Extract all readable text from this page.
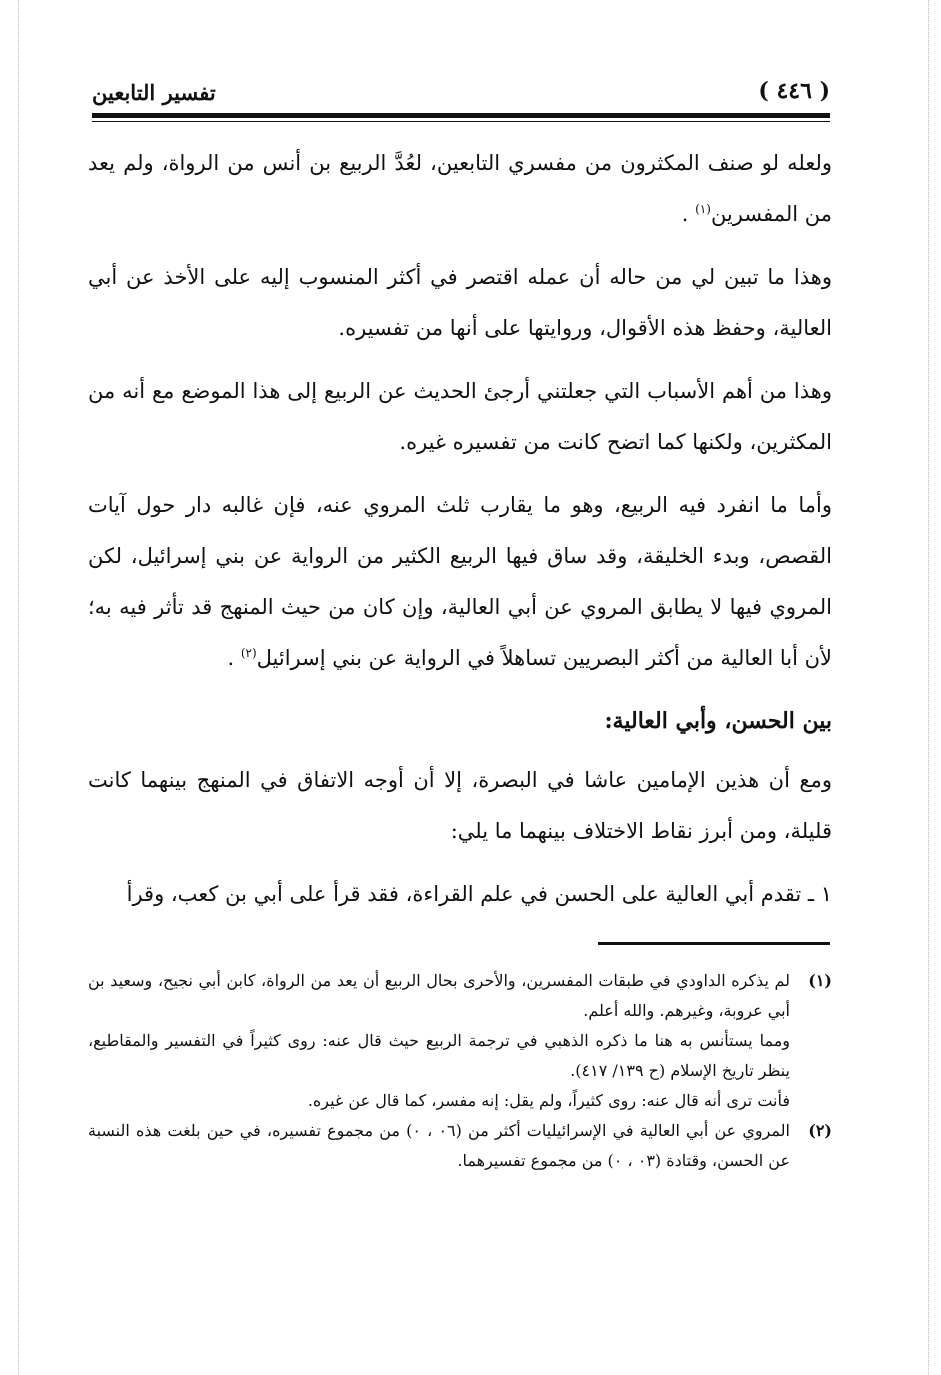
( ٤٤٦ )
تفسير التابعين

ولعله لو صنف المكثرون من مفسري التابعين، لعُدَّ الربيع بن أنس من الرواة، ولم يعد من المفسرين$^{(١)}$ .

وهذا ما تبين لي من حاله أن عمله اقتصر في أكثر المنسوب إليه على الأخذ عن أبي العالية، وحفظ هذه الأقوال، وروايتها على أنها من تفسيره.

وهذا من أهم الأسباب التي جعلتني أرجئ الحديث عن الربيع إلى هذا الموضع مع أنه من المكثرين، ولكنها كما اتضح كانت من تفسيره غيره.

وأما ما انفرد فيه الربيع، وهو ما يقارب ثلث المروي عنه، فإن غالبه دار حول آيات القصص، وبدء الخليقة، وقد ساق فيها الربيع الكثير من الرواية عن بني إسرائيل، لكن المروي فيها لا يطابق المروي عن أبي العالية، وإن كان من حيث المنهج قد تأثر فيه به؛ لأن أبا العالية من أكثر البصريين تساهلاً في الرواية عن بني إسرائيل$^{(٢)}$ .

بين الحسن، وأبي العالية:

ومع أن هذين الإمامين عاشا في البصرة، إلا أن أوجه الاتفاق في المنهج بينهما كانت قليلة، ومن أبرز نقاط الاختلاف بينهما ما يلي:

١ ـ تقدم أبي العالية على الحسن في علم القراءة، فقد قرأ على أبي بن كعب، وقرأ

(١)

لم يذكره الداودي في طبقات المفسرين، والأحرى بحال الربيع أن يعد من الرواة، كابن أبي نجيح، وسعيد بن أبي عروبة، وغيرهم. والله أعلم.

ومما يستأنس به هنا ما ذكره الذهبي في ترجمة الربيع حيث قال عنه: روى كثيراً في التفسير والمقاطيع، ينظر تاريخ الإسلام (ح ١٣٩/ ٤١٧).

فأنت ترى أنه قال عنه: روى كثيراً، ولم يقل: إنه مفسر، كما قال عن غيره.

(٢)

المروي عن أبي العالية في الإسرائيليات أكثر من (٠٦ ، ٠) من مجموع تفسيره، في حين بلغت هذه النسبة عن الحسن، وقتادة (٠٣ ، ٠) من مجموع تفسيرهما.
